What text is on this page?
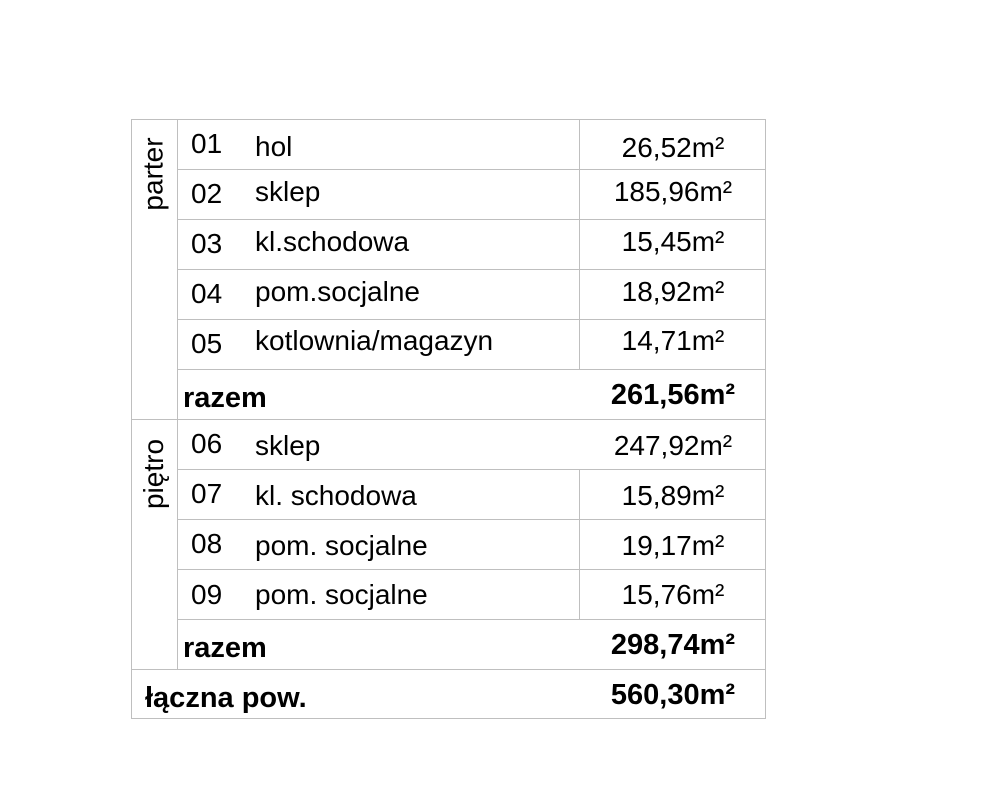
parter
piętro
01 hol	26,52m²
02 sklep	185,96m²
03 kl.schodowa	15,45m²
04 pom.socjalne	18,92m²
05 kotlownia/magazyn	14,71m²
razem	261,56m²
06 sklep	247,92m²
07 kl. schodowa	15,89m²
08 pom. socjalne	19,17m²
09 pom. socjalne	15,76m²
razem	298,74m²
łączna pow.	560,30m²
